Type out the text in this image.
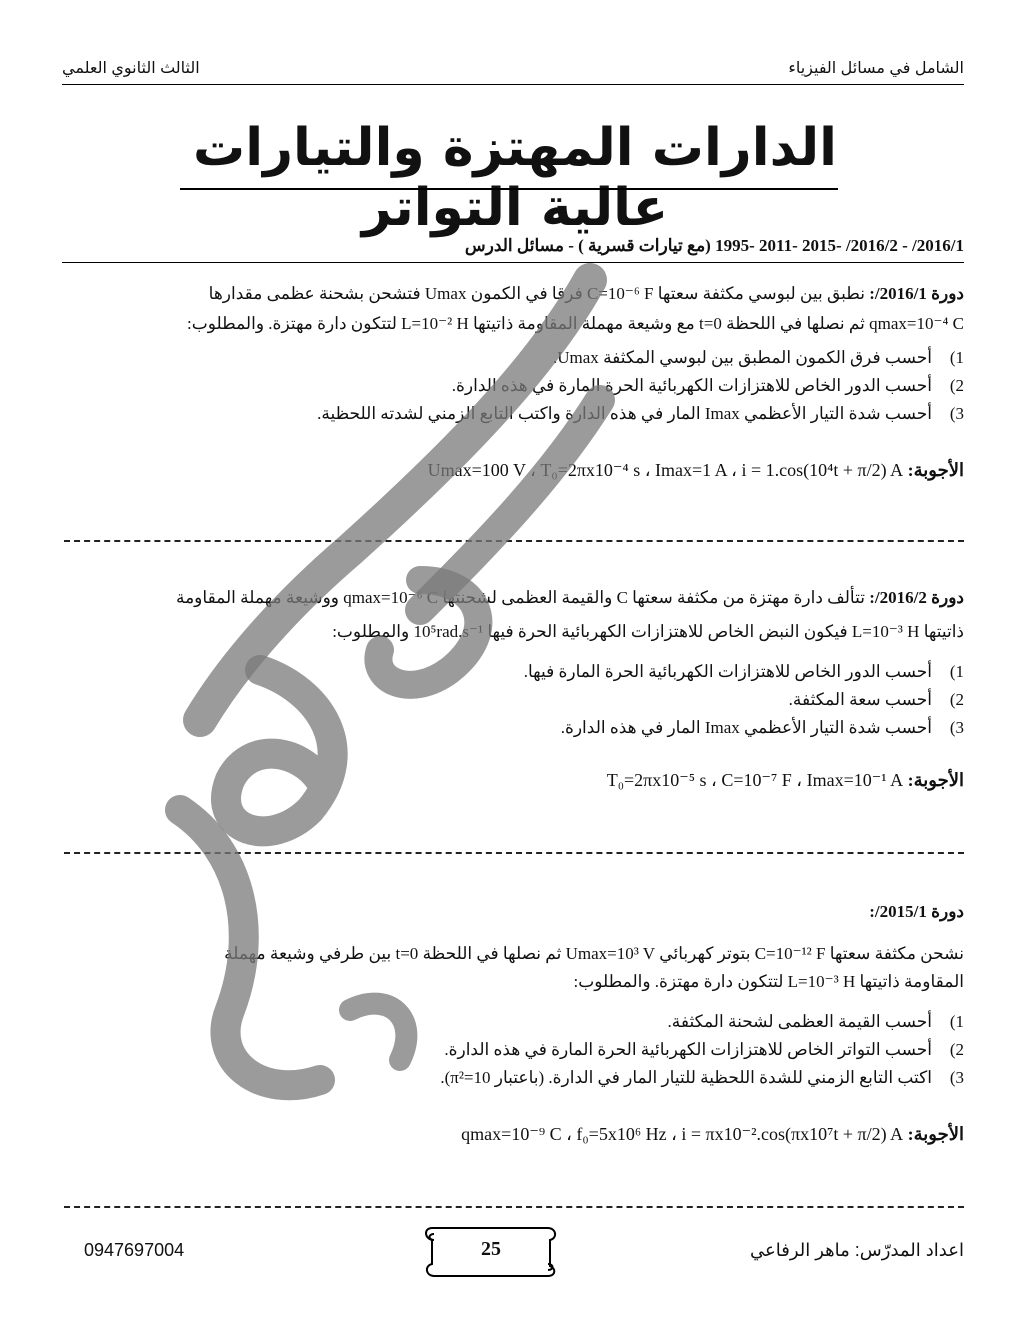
الشامل في مسائل الفيزياء
الثالث الثانوي العلمي
الدارات المهتزة والتيارات عالية التواتر
2016/1/ - 2016/2/ -2015 -2011 -1995 (مع تيارات قسرية ) - مسائل الدرس
دورة 2016/1/: نطبق بين لبوسي مكثفة سعتها C=10⁻⁶ F فرقا في الكمون Umax فتشحن بشحنة عظمى مقدارها
qmax=10⁻⁴ C ثم نصلها في اللحظة t=0 مع وشيعة مهملة المقاومة ذاتيتها L=10⁻² H لتتكون دارة مهتزة. والمطلوب:
(1
أحسب فرق الكمون المطبق بين لبوسي المكثفة Umax.
(2
أحسب الدور الخاص للاهتزازات الكهربائية الحرة المارة في هذه الدارة.
(3
أحسب شدة التيار الأعظمي Imax المار في هذه الدارة واكتب التابع الزمني لشدته اللحظية.
الأجوبة: Umax=100 V ، T₀=2πx10⁻⁴ s ، Imax=1 A ، i = 1.cos(10⁴t + π/2) A
دورة 2016/2/: تتألف دارة مهتزة من مكثفة سعتها C والقيمة العظمى لشحنتها qmax=10⁻⁶ C ووشيعة مهملة المقاومة
ذاتيتها L=10⁻³ H فيكون النبض الخاص للاهتزازات الكهربائية الحرة فيها 10⁵rad.s⁻¹ والمطلوب:
(1
أحسب الدور الخاص للاهتزازات الكهربائية الحرة المارة فيها.
(2
أحسب سعة المكثفة.
(3
أحسب شدة التيار الأعظمي Imax المار في هذه الدارة.
الأجوبة: T₀=2πx10⁻⁵ s ، C=10⁻⁷ F ، Imax=10⁻¹ A
دورة 2015/1/:
نشحن مكثفة سعتها C=10⁻¹² F بتوتر كهربائي Umax=10³ V ثم نصلها في اللحظة t=0 بين طرفي وشيعة مهملة
المقاومة ذاتيتها L=10⁻³ H لتتكون دارة مهتزة. والمطلوب:
(1
أحسب القيمة العظمى لشحنة المكثفة.
(2
أحسب التواتر الخاص للاهتزازات الكهربائية الحرة المارة في هذه الدارة.
(3
اكتب التابع الزمني للشدة اللحظية للتيار المار في الدارة. (باعتبار π²=10).
الأجوبة: qmax=10⁻⁹ C ، f₀=5x10⁶ Hz ، i = πx10⁻².cos(πx10⁷t + π/2) A
اعداد المدرّس: ماهر الرفاعي
25
0947697004
